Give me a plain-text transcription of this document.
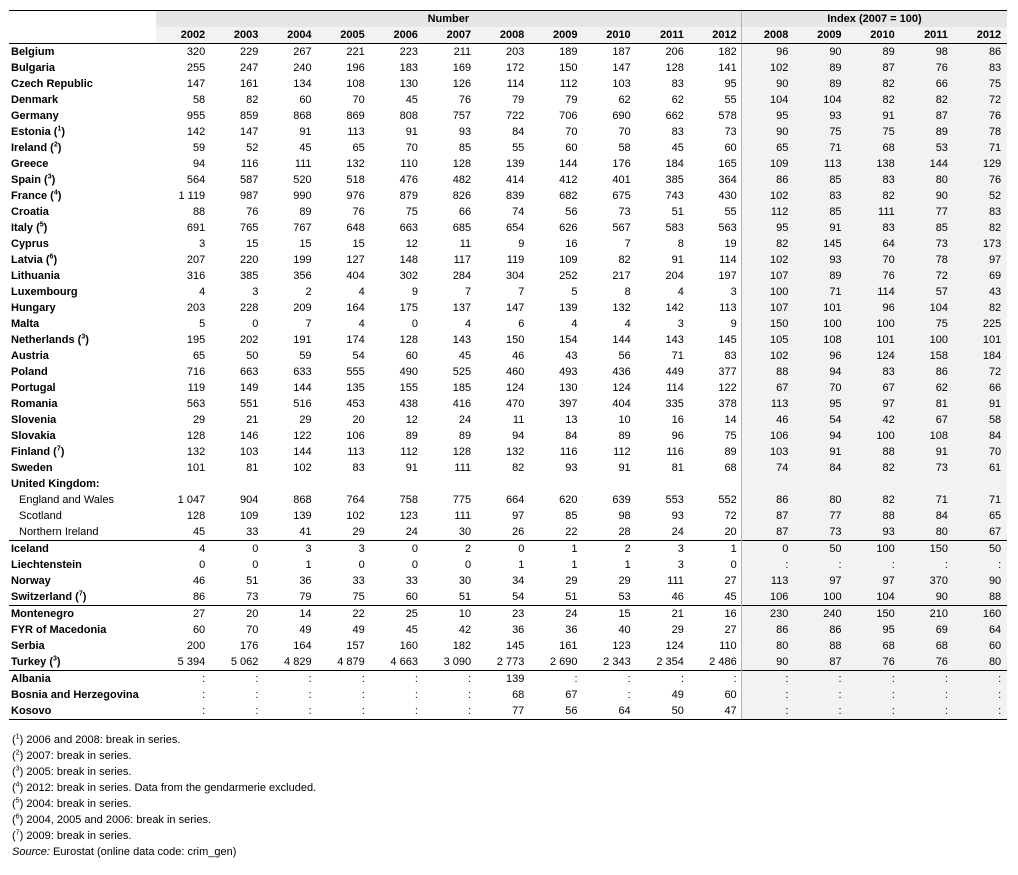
	Number											Index (2007 = 100)				
	2002	2003	2004	2005	2006	2007	2008	2009	2010	2011	2012	2008	2009	2010	2011	2012
Belgium	320	229	267	221	223	211	203	189	187	206	182	96	90	89	98	86
Bulgaria	255	247	240	196	183	169	172	150	147	128	141	102	89	87	76	83
Czech Republic	147	161	134	108	130	126	114	112	103	83	95	90	89	82	66	75
Denmark	58	82	60	70	45	76	79	79	62	62	55	104	104	82	82	72
Germany	955	859	868	869	808	757	722	706	690	662	578	95	93	91	87	76
Estonia ($^1$)	142	147	91	113	91	93	84	70	70	83	73	90	75	75	89	78
Ireland ($^2$)	59	52	45	65	70	85	55	60	58	45	60	65	71	68	53	71
Greece	94	116	111	132	110	128	139	144	176	184	165	109	113	138	144	129
Spain ($^3$)	564	587	520	518	476	482	414	412	401	385	364	86	85	83	80	76
France ($^4$)	1 119	987	990	976	879	826	839	682	675	743	430	102	83	82	90	52
Croatia	88	76	89	76	75	66	74	56	73	51	55	112	85	111	77	83
Italy ($^5$)	691	765	767	648	663	685	654	626	567	583	563	95	91	83	85	82
Cyprus	3	15	15	15	12	11	9	16	7	8	19	82	145	64	73	173
Latvia ($^6$)	207	220	199	127	148	117	119	109	82	91	114	102	93	70	78	97
Lithuania	316	385	356	404	302	284	304	252	217	204	197	107	89	76	72	69
Luxembourg	4	3	2	4	9	7	7	5	8	4	3	100	71	114	57	43
Hungary	203	228	209	164	175	137	147	139	132	142	113	107	101	96	104	82
Malta	5	0	7	4	0	4	6	4	4	3	9	150	100	100	75	225
Netherlands ($^3$)	195	202	191	174	128	143	150	154	144	143	145	105	108	101	100	101
Austria	65	50	59	54	60	45	46	43	56	71	83	102	96	124	158	184
Poland	716	663	633	555	490	525	460	493	436	449	377	88	94	83	86	72
Portugal	119	149	144	135	155	185	124	130	124	114	122	67	70	67	62	66
Romania	563	551	516	453	438	416	470	397	404	335	378	113	95	97	81	91
Slovenia	29	21	29	20	12	24	11	13	10	16	14	46	54	42	67	58
Slovakia	128	146	122	106	89	89	94	84	89	96	75	106	94	100	108	84
Finland ($^7$)	132	103	144	113	112	128	132	116	112	116	89	103	91	88	91	70
Sweden	101	81	102	83	91	111	82	93	91	81	68	74	84	82	73	61
United Kingdom:																
England and Wales	1 047	904	868	764	758	775	664	620	639	553	552	86	80	82	71	71
Scotland	128	109	139	102	123	111	97	85	98	93	72	87	77	88	84	65
Northern Ireland	45	33	41	29	24	30	26	22	28	24	20	87	73	93	80	67
Iceland	4	0	3	3	0	2	0	1	2	3	1	0	50	100	150	50
Liechtenstein	0	0	1	0	0	0	1	1	1	3	0	:	:	:	:	:
Norway	46	51	36	33	33	30	34	29	29	111	27	113	97	97	370	90
Switzerland ($^7$)	86	73	79	75	60	51	54	51	53	46	45	106	100	104	90	88
Montenegro	27	20	14	22	25	10	23	24	15	21	16	230	240	150	210	160
FYR of Macedonia	60	70	49	49	45	42	36	36	40	29	27	86	86	95	69	64
Serbia	200	176	164	157	160	182	145	161	123	124	110	80	88	68	68	60
Turkey ($^3$)	5 394	5 062	4 829	4 879	4 663	3 090	2 773	2 690	2 343	2 354	2 486	90	87	76	76	80
Albania	:	:	:	:	:	:	139	:	:	:	:	:	:	:	:	:
Bosnia and Herzegovina	:	:	:	:	:	:	68	67	:	49	60	:	:	:	:	:
Kosovo	:	:	:	:	:	:	77	56	64	50	47	:	:	:	:	:
($^1$) 2006 and 2008: break in series.
($^2$) 2007: break in series.
($^3$) 2005: break in series.
($^4$) 2012: break in series. Data from the gendarmerie excluded.
($^5$) 2004: break in series.
($^6$) 2004, 2005 and 2006: break in series.
($^7$) 2009: break in series.
Source: Eurostat (online data code: crim_gen)
